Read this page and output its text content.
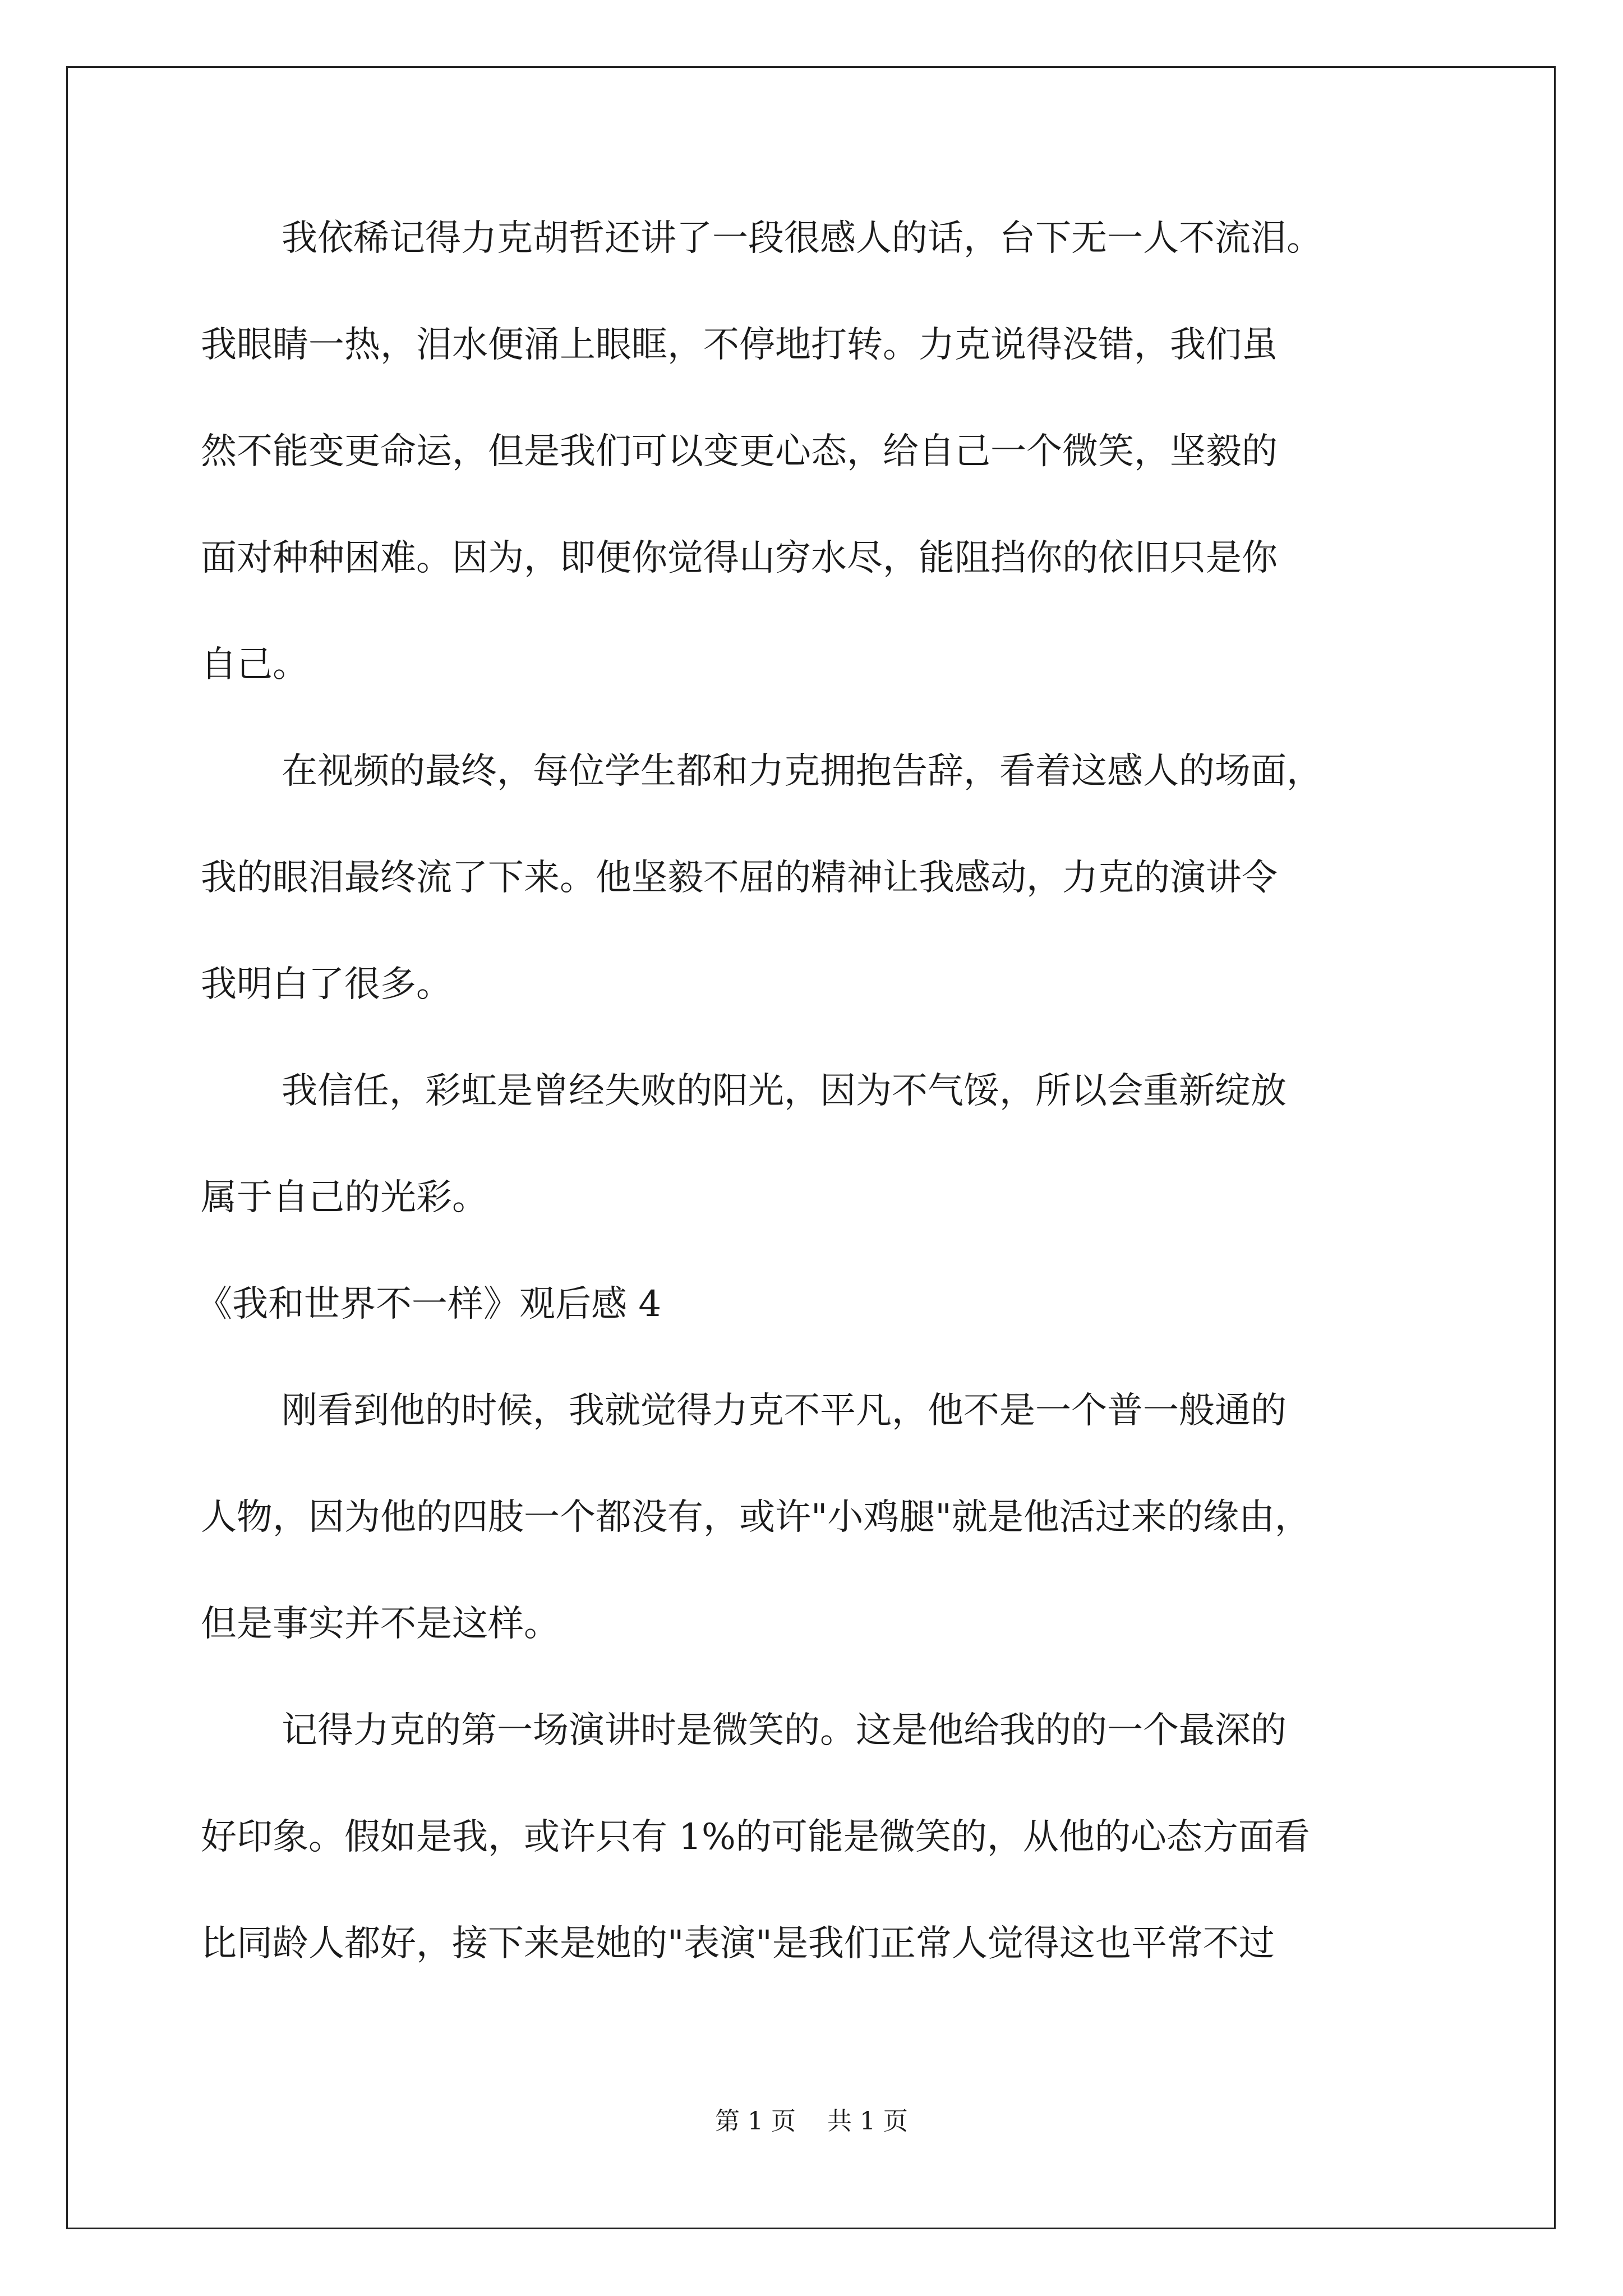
我依稀记得力克胡哲还讲了一段很感人的话，台下无一人不流泪。
我眼睛一热，泪水便涌上眼眶，不停地打转。力克说得没错，我们虽
然不能变更命运，但是我们可以变更心态，给自己一个微笑，坚毅的
面对种种困难。因为，即便你觉得山穷水尽，能阻挡你的依旧只是你
自己。
在视频的最终，每位学生都和力克拥抱告辞，看着这感人的场面，
我的眼泪最终流了下来。他坚毅不屈的精神让我感动，力克的演讲令
我明白了很多。
我信任，彩虹是曾经失败的阳光，因为不气馁，所以会重新绽放
属于自己的光彩。
《我和世界不一样》观后感 4
刚看到他的时候，我就觉得力克不平凡，他不是一个普一般通的
人物，因为他的四肢一个都没有，或许"小鸡腿"就是他活过来的缘由，
但是事实并不是这样。
记得力克的第一场演讲时是微笑的。这是他给我的的一个最深的
好印象。假如是我，或许只有 1%的可能是微笑的，从他的心态方面看
比同龄人都好，接下来是她的"表演"是我们正常人觉得这也平常不过
第 1 页    共 1 页
